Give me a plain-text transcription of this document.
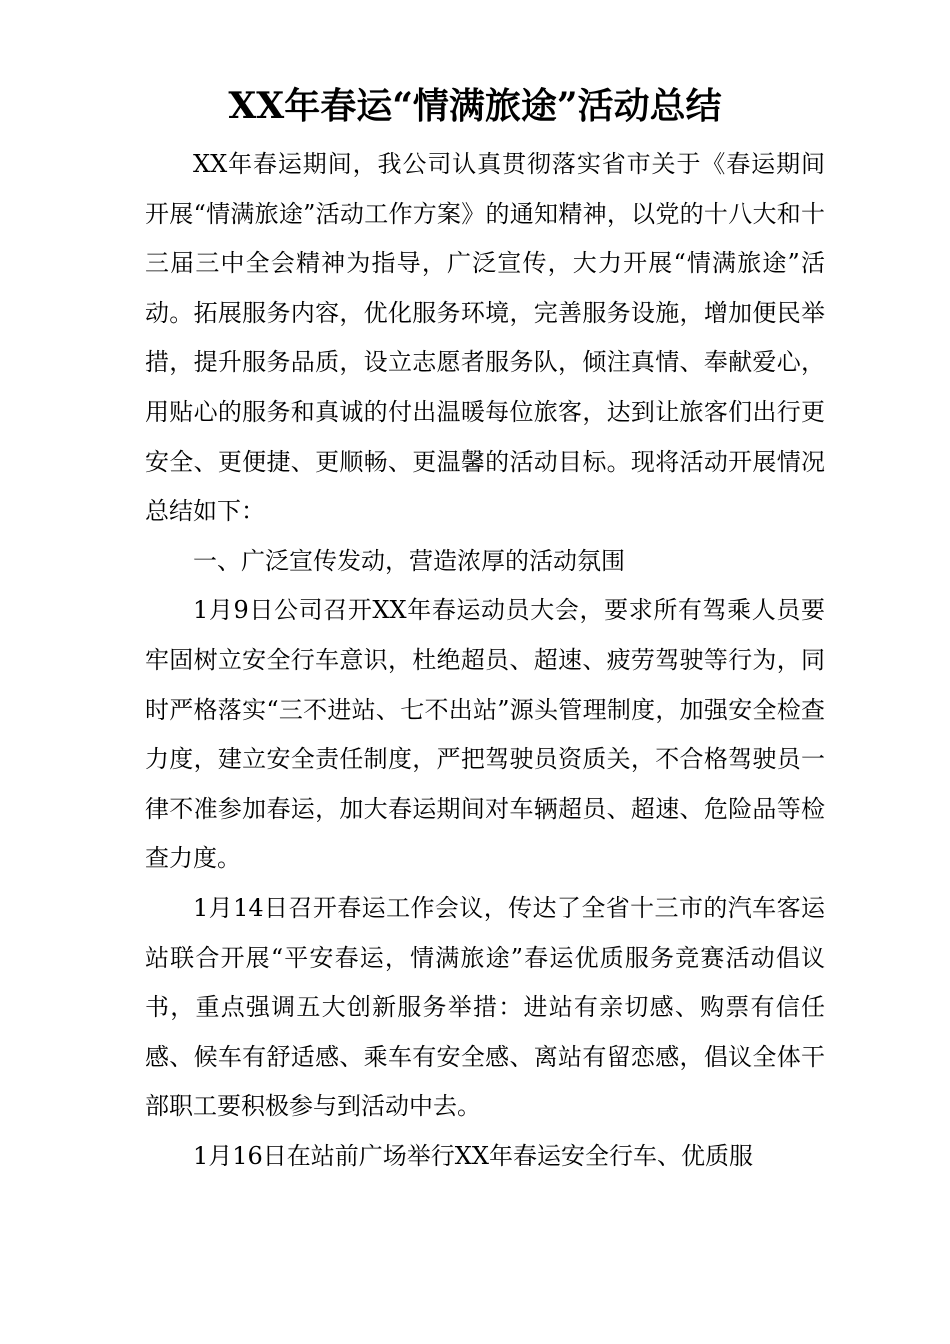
XX年春运“情满旅途”活动总结

XX年春运期间，我公司认真贯彻落实省市关于《春运期间开展“情满旅途”活动工作方案》的通知精神，以党的十八大和十三届三中全会精神为指导，广泛宣传，大力开展“情满旅途”活动。拓展服务内容，优化服务环境，完善服务设施，增加便民举措，提升服务品质，设立志愿者服务队，倾注真情、奉献爱心，用贴心的服务和真诚的付出温暖每位旅客，达到让旅客们出行更安全、更便捷、更顺畅、更温馨的活动目标。现将活动开展情况总结如下：

一、广泛宣传发动，营造浓厚的活动氛围

1月9日公司召开XX年春运动员大会，要求所有驾乘人员要牢固树立安全行车意识，杜绝超员、超速、疲劳驾驶等行为，同时严格落实“三不进站、七不出站”源头管理制度，加强安全检查力度，建立安全责任制度，严把驾驶员资质关，不合格驾驶员一律不准参加春运，加大春运期间对车辆超员、超速、危险品等检查力度。

1月14日召开春运工作会议，传达了全省十三市的汽车客运站联合开展“平安春运，情满旅途”春运优质服务竞赛活动倡议书，重点强调五大创新服务举措：进站有亲切感、购票有信任感、候车有舒适感、乘车有安全感、离站有留恋感，倡议全体干部职工要积极参与到活动中去。

1月16日在站前广场举行XX年春运安全行车、优质服
